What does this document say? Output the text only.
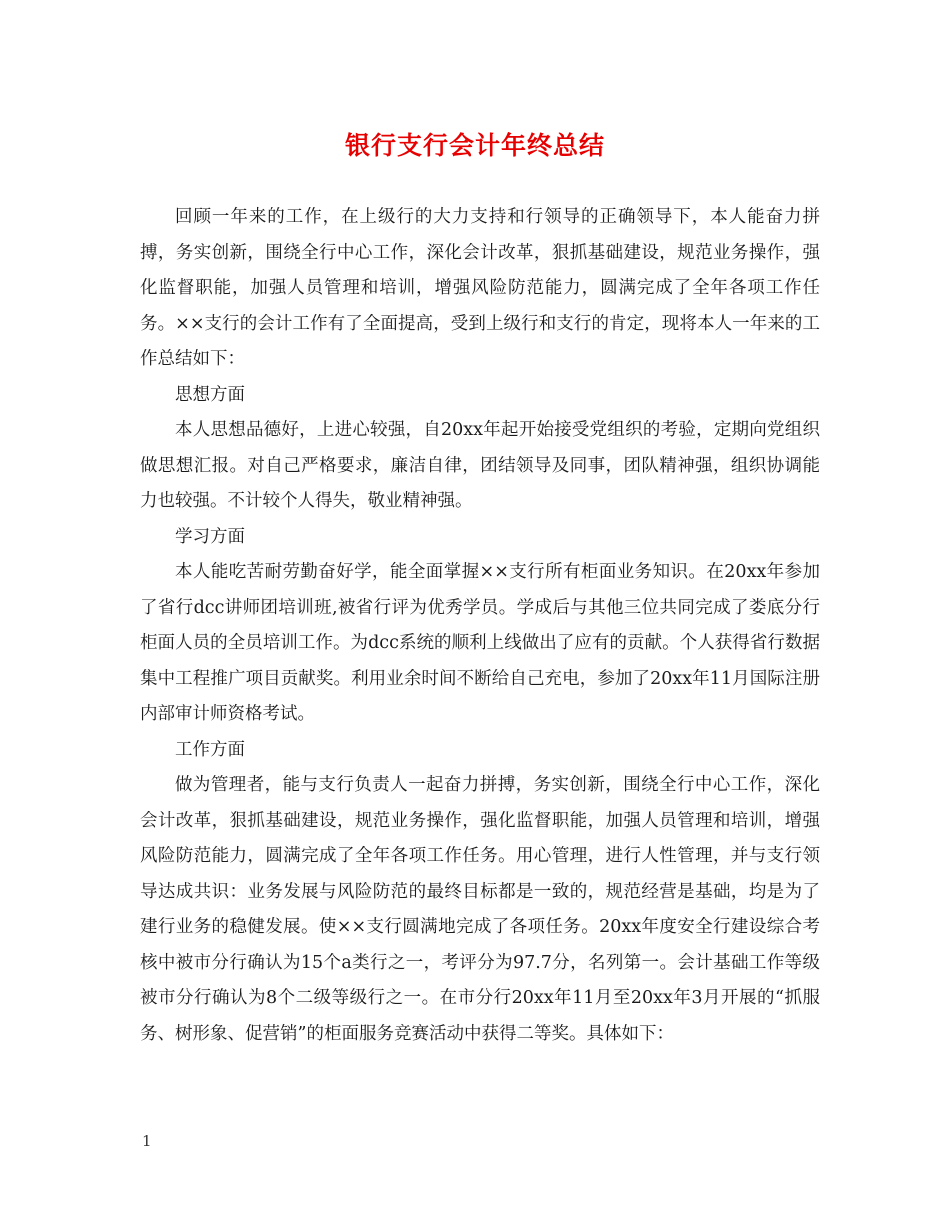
银行支行会计年终总结

回顾一年来的工作，在上级行的大力支持和行领导的正确领导下，本人能奋力拼搏，务实创新，围绕全行中心工作，深化会计改革，狠抓基础建设，规范业务操作，强化监督职能，加强人员管理和培训，增强风险防范能力，圆满完成了全年各项工作任务。××支行的会计工作有了全面提高，受到上级行和支行的肯定，现将本人一年来的工作总结如下：

思想方面

本人思想品德好，上进心较强，自20xx年起开始接受党组织的考验，定期向党组织做思想汇报。对自己严格要求，廉洁自律，团结领导及同事，团队精神强，组织协调能力也较强。不计较个人得失，敬业精神强。

学习方面

本人能吃苦耐劳勤奋好学，能全面掌握××支行所有柜面业务知识。在20xx年参加了省行dcc讲师团培训班,被省行评为优秀学员。学成后与其他三位共同完成了娄底分行柜面人员的全员培训工作。为dcc系统的顺利上线做出了应有的贡献。个人获得省行数据集中工程推广项目贡献奖。利用业余时间不断给自己充电，参加了20xx年11月国际注册内部审计师资格考试。

工作方面

做为管理者，能与支行负责人一起奋力拼搏，务实创新，围绕全行中心工作，深化会计改革，狠抓基础建设，规范业务操作，强化监督职能，加强人员管理和培训，增强风险防范能力，圆满完成了全年各项工作任务。用心管理，进行人性管理，并与支行领导达成共识：业务发展与风险防范的最终目标都是一致的，规范经营是基础，均是为了建行业务的稳健发展。使××支行圆满地完成了各项任务。20xx年度安全行建设综合考核中被市分行确认为15个a类行之一，考评分为97.7分，名列第一。会计基础工作等级被市分行确认为8个二级等级行之一。在市分行20xx年11月至20xx年3月开展的“抓服务、树形象、促营销”的柜面服务竞赛活动中获得二等奖。具体如下：

1
